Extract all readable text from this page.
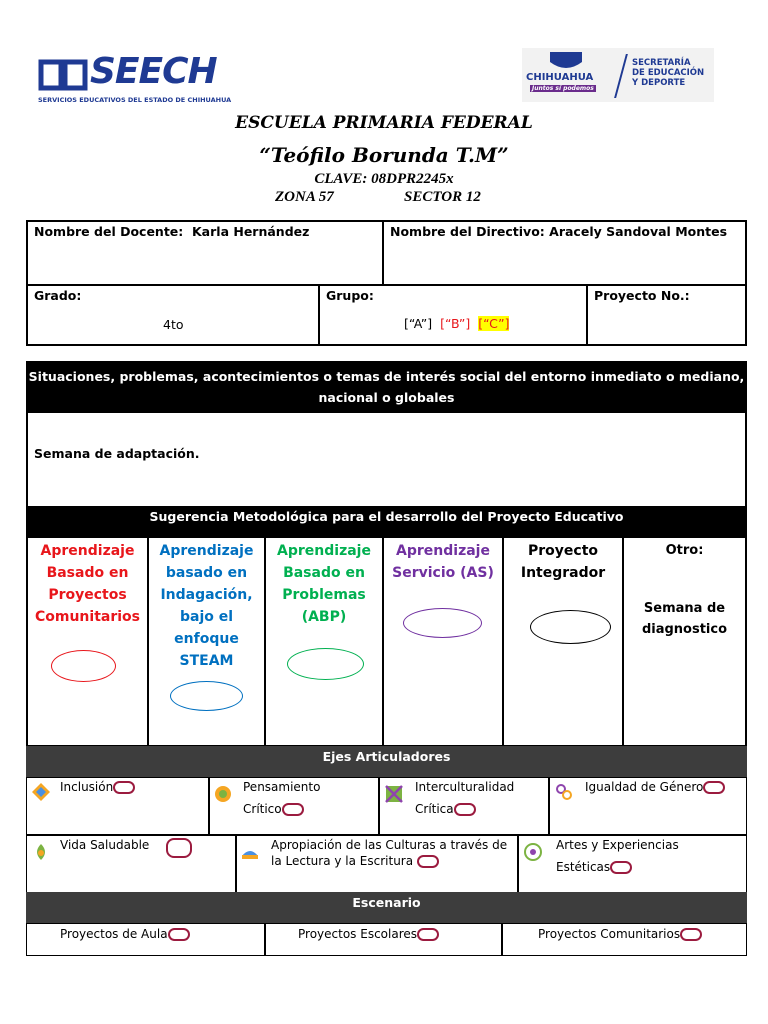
SEECH
SERVICIOS EDUCATIVOS DEL ESTADO DE CHIHUAHUA
CHIHUAHUA
Juntos sí podemos
SECRETARÍA
DE EDUCACIÓN
Y DEPORTE
ESCUELA PRIMARIA FEDERAL
“Teófilo Borunda T.M”
CLAVE: 08DPR2245x
ZONA 57	SECTOR 12
Nombre del Docente: Karla Hernández	Nombre del Directivo: Aracely Sandoval Montes
Grado:
4to
Grupo:
[“A”] [“B”] [“C”]
Proyecto No.:
Situaciones, problemas, acontecimientos o temas de interés social del entorno inmediato o mediano,
nacional o globales
Semana de adaptación.
Sugerencia Metodológica para el desarrollo del Proyecto Educativo
Aprendizaje
Basado en
Proyectos
Comunitarios
Aprendizaje
basado en
Indagación,
bajo el
enfoque
STEAM
Aprendizaje
Basado en
Problemas
(ABP)
Aprendizaje
Servicio (AS)
Proyecto
Integrador
Otro:
Semana de
diagnostico
Ejes Articuladores
Inclusión	Pensamiento
Crítico
Interculturalidad
Crítica
Igualdad de Género
Vida Saludable	Apropiación de las Culturas a través de
la Lectura y la Escritura
Artes y Experiencias
Estéticas
Escenario
Proyectos de Aula	Proyectos Escolares	Proyectos Comunitarios
